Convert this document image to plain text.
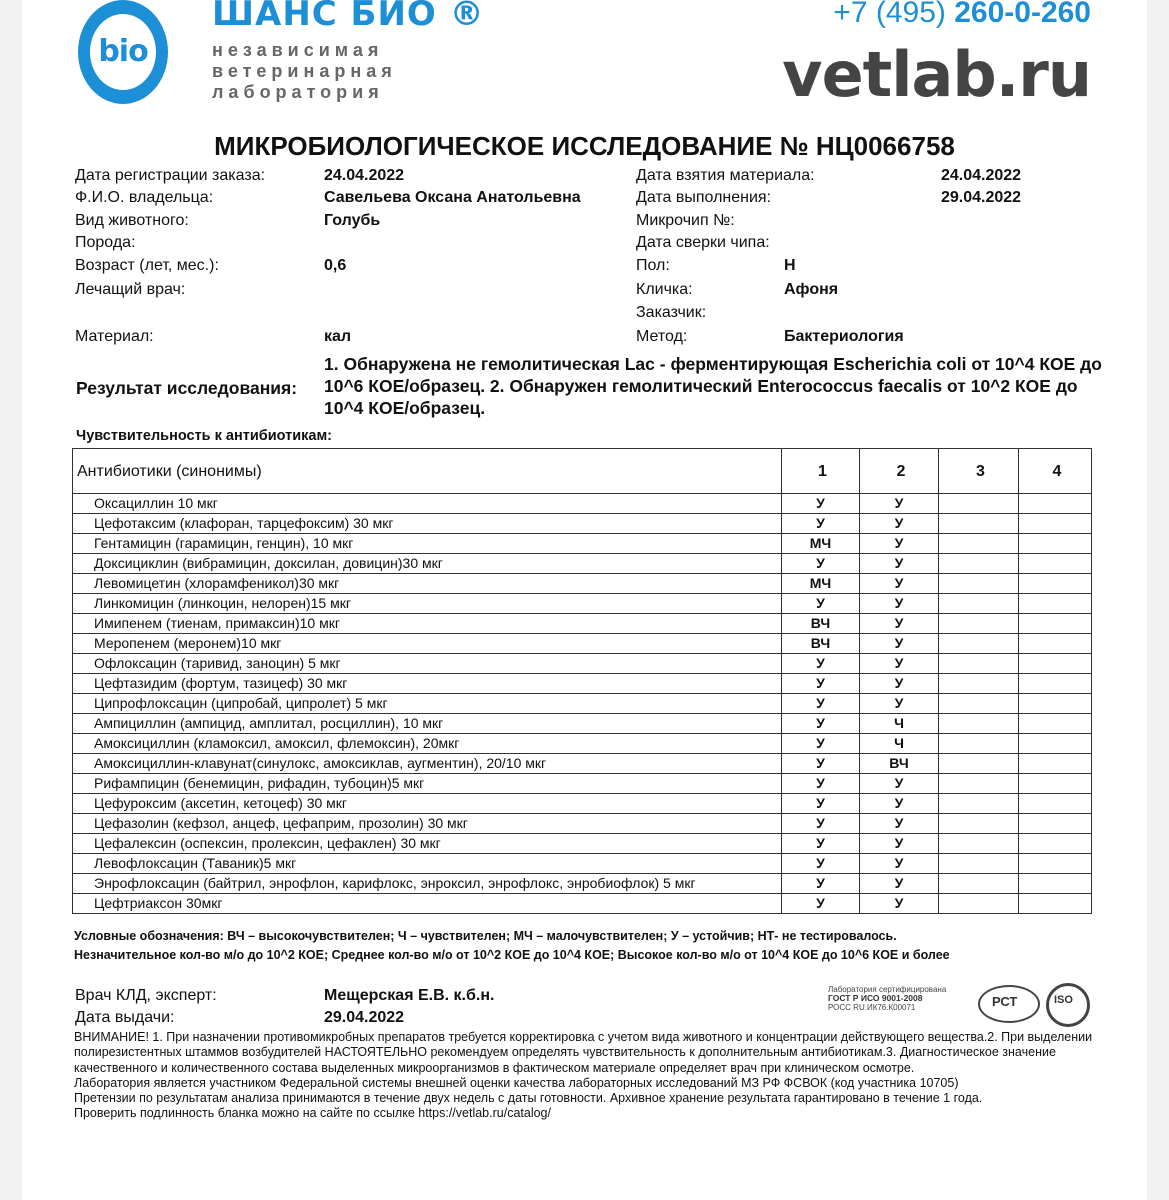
bio
ШАНС БИО ®
независимая
ветеринарная
лаборатория
+7 (495) 260-0-260
vetlab.ru
МИКРОБИОЛОГИЧЕСКОЕ ИССЛЕДОВАНИЕ № НЦ0066758
Дата регистрации заказа:	24.04.2022
Ф.И.О. владельца:	Савельева Оксана Анатольевна
Вид животного:	Голубь
Порода:
Возраст (лет, мес.):	0,6
Лечащий врач:
Материал:	кал
Дата взятия материала:	24.04.2022
Дата выполнения:	29.04.2022
Микрочип №:
Дата сверки чипа:
Пол:	Н
Кличка:	Афоня
Заказчик:
Метод:	Бактериология
Результат исследования:
1. Обнаружена не гемолитическая Lac - ферментирующая Escherichia coli от 10^4 КОЕ до 10^6 КОЕ/образец. 2. Обнаружен гемолитический Enterococcus faecalis от 10^2 КОЕ до 10^4 КОЕ/образец.
Чувствительность к антибиотикам:
Антибиотики (синонимы)	1	2	3	4
Оксациллин 10 мкг	У	У		
Цефотаксим (клафоран, тарцефоксим) 30 мкг	У	У		
Гентамицин (гарамицин, генцин), 10 мкг	МЧ	У		
Доксициклин (вибрамицин, доксилан, довицин)30 мкг	У	У		
Левомицетин (хлорамфеникол)30 мкг	МЧ	У		
Линкомицин (линкоцин, нелорен)15 мкг	У	У		
Имипенем (тиенам, примаксин)10 мкг	ВЧ	У		
Меропенем (меронем)10 мкг	ВЧ	У		
Офлоксацин (таривид, заноцин) 5 мкг	У	У		
Цефтазидим (фортум, тазицеф) 30 мкг	У	У		
Ципрофлоксацин (ципробай, ципролет) 5 мкг	У	У		
Ампициллин (ампицид, амплитал, росциллин), 10 мкг	У	Ч		
Амоксициллин (кламоксил, амоксил, флемоксин), 20мкг	У	Ч		
Амоксициллин-клавунат(синулокс, амоксиклав, аугментин), 20/10 мкг	У	ВЧ		
Рифампицин (бенемицин, рифадин, тубоцин)5 мкг	У	У		
Цефуроксим (аксетин, кетоцеф) 30 мкг	У	У		
Цефазолин (кефзол, анцеф, цефаприм, прозолин) 30 мкг	У	У		
Цефалексин (оспексин, пролексин, цефаклен) 30 мкг	У	У		
Левофлоксацин (Таваник)5 мкг	У	У		
Энрофлоксацин (байтрил, энрофлон, карифлокс, энроксил, энрофлокс, энробиофлок) 5 мкг	У	У		
Цефтриаксон 30мкг	У	У		
Условные обозначения: ВЧ – высокочувствителен; Ч – чувствителен; МЧ – малочувствителен; У – устойчив; НТ- не тестировалось.
Незначительное кол-во м/о до 10^2 КОЕ; Среднее кол-во м/о от 10^2 КОЕ до 10^4 КОЕ; Высокое кол-во м/о от 10^4 КОЕ до 10^6 КОЕ и более
Врач КЛД, эксперт:	Мещерская Е.В. к.б.н.
Дата выдачи:	29.04.2022
Лаборатория сертифицирована
ГОСТ Р ИСО 9001-2008
РОСС RU.ИК76.К00071	РСТ	ISO
ВНИМАНИЕ! 1. При назначении противомикробных препаратов требуется корректировка с учетом вида животного и концентрации действующего вещества.2. При выделении полирезистентных штаммов возбудителей НАСТОЯТЕЛЬНО рекомендуем определять чувствительность к дополнительным антибиотикам.3. Диагностическое значение качественного и количественного состава выделенных микроорганизмов в фактическом материале определяет врач при клиническом осмотре.
Лаборатория является участником Федеральной системы внешней оценки качества лабораторных исследований МЗ РФ ФСВОК (код участника 10705)
Претензии по результатам анализа принимаются в течение двух недель с даты готовности. Архивное хранение результата гарантировано в течение 1 года.
Проверить подлинность бланка можно на сайте по ссылке https://vetlab.ru/catalog/
